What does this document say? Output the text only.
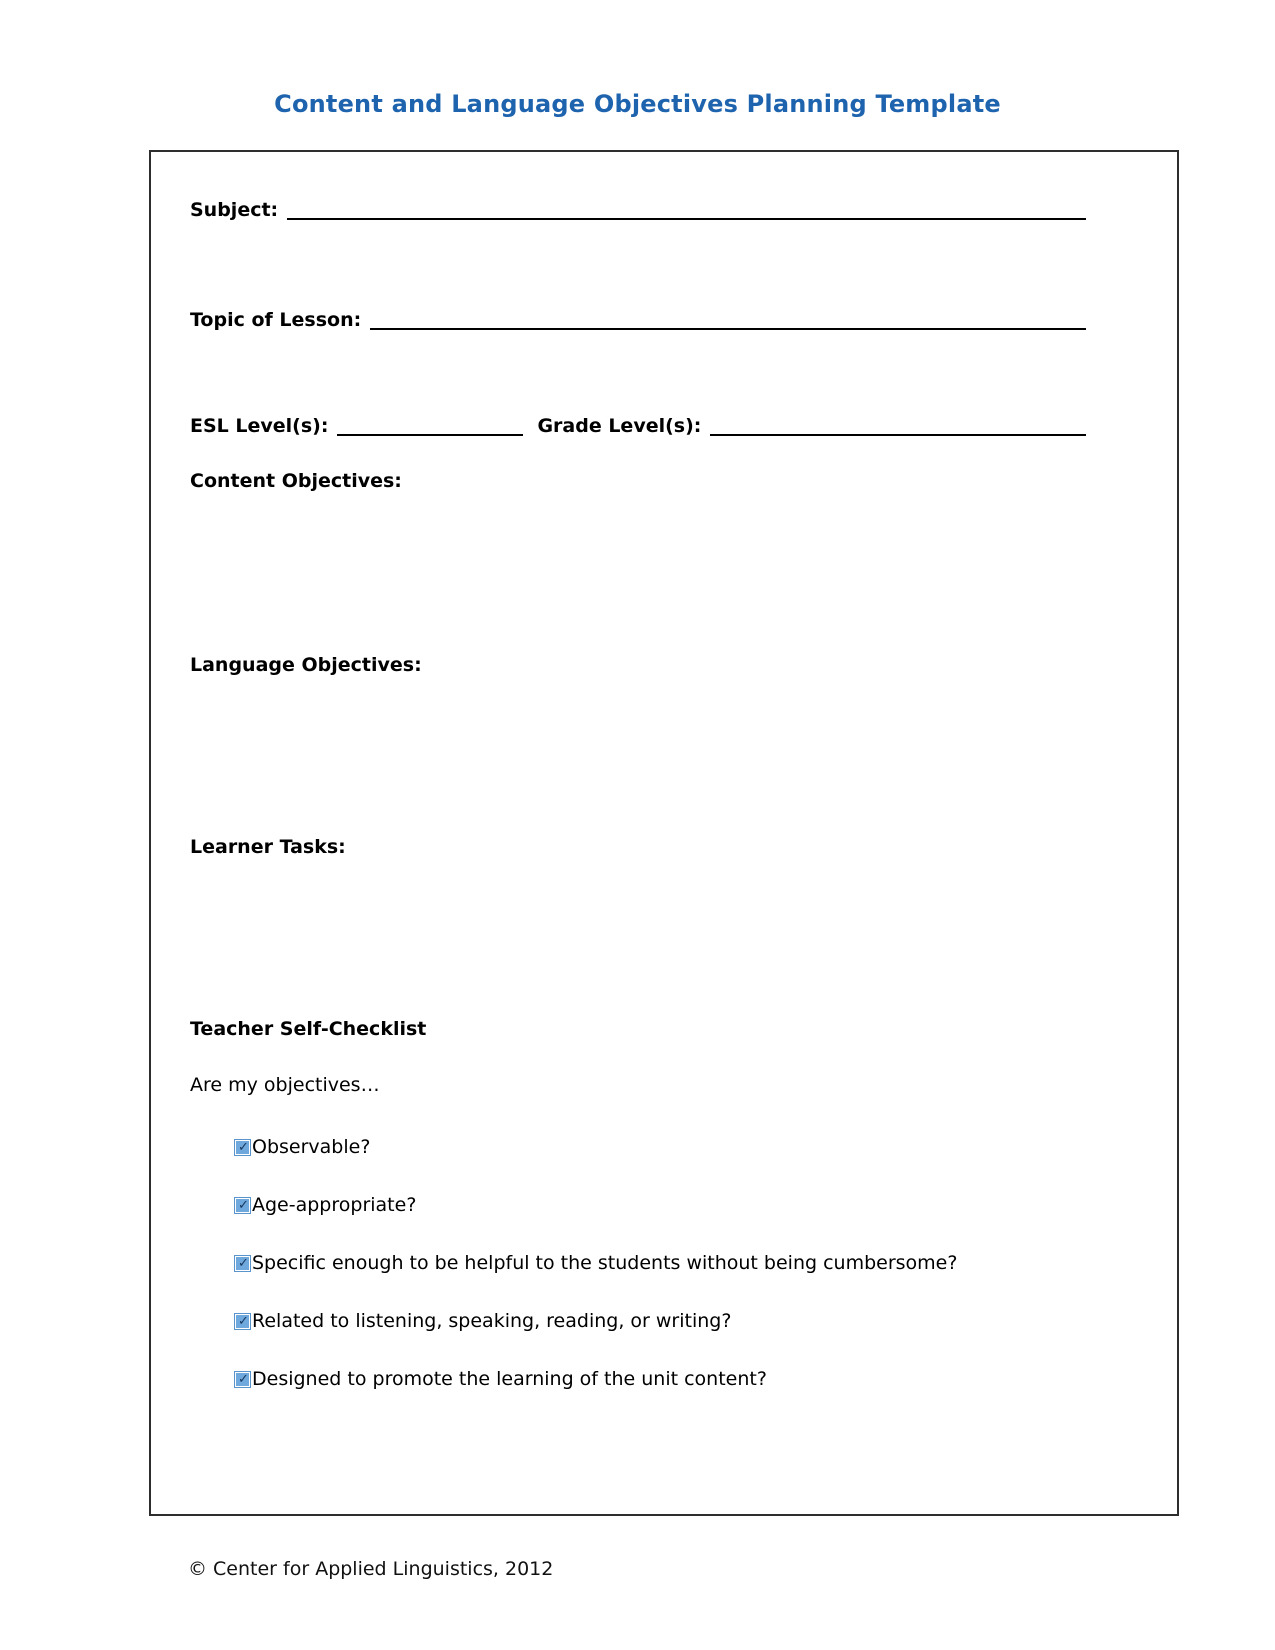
Content and Language Objectives Planning Template
Subject:
Topic of Lesson:
ESL Level(s):	Grade Level(s):
Content Objectives:
Language Objectives:
Learner Tasks:
Teacher Self-Checklist
Are my objectives…
✓ Observable?
✓ Age-appropriate?
✓ Specific enough to be helpful to the students without being cumbersome?
✓ Related to listening, speaking, reading, or writing?
✓ Designed to promote the learning of the unit content?
© Center for Applied Linguistics, 2012
